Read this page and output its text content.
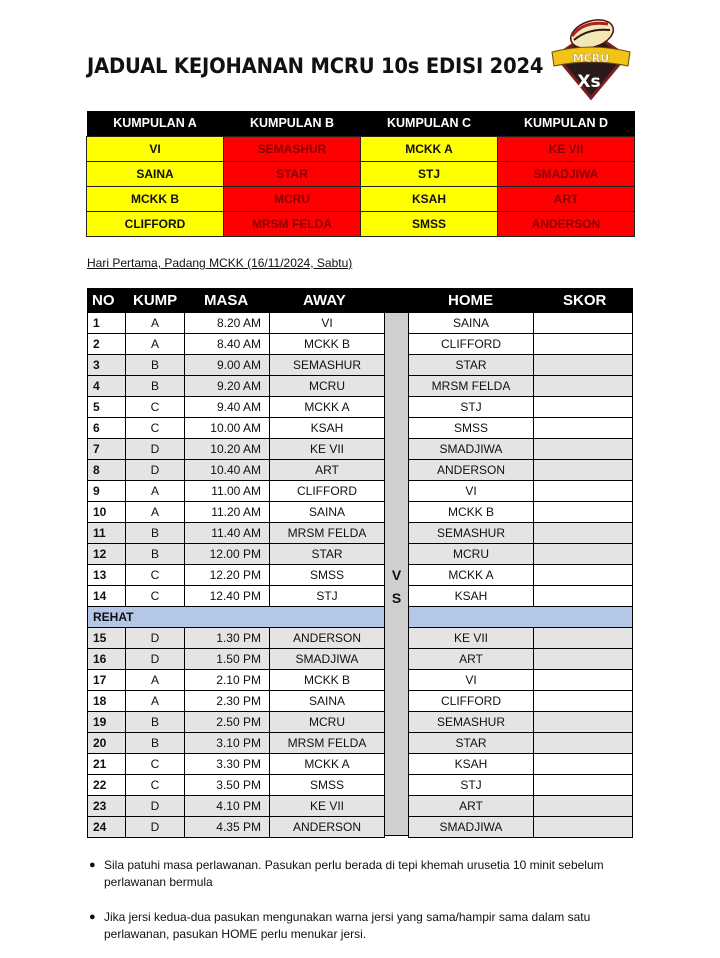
JADUAL KEJOHANAN MCRU 10s EDISI 2024	MCRU
Xs
KUMPULAN A	KUMPULAN B	KUMPULAN C	KUMPULAN D
VI	SEMASHUR	MCKK A	KE VII
SAINA	STAR	STJ	SMADJIWA
MCKK B	MCRU	KSAH	ART
CLIFFORD	MRSM FELDA	SMSS	ANDERSON
Hari Pertama, Padang MCKK (16/11/2024, Sabtu)
NO KUMP MASA	AWAY	HOME	SKOR
1	A	8.20 AM	VI	SAINA
2	A	8.40 AM	MCKK B	CLIFFORD
3	B	9.00 AM	SEMASHUR	STAR
4	B	9.20 AM	MCRU	MRSM FELDA
5	C	9.40 AM	MCKK A	STJ
6	C	10.00 AM	KSAH	SMSS
7	D	10.20 AM	KE VII	SMADJIWA
8	D	10.40 AM	ART	ANDERSON
9	A	11.00 AM	CLIFFORD	VI
10	A	11.20 AM	SAINA	MCKK B
11	B	11.40 AM	MRSM FELDA	SEMASHUR
12	B	12.00 PM	STAR	MCRU
13	C	12.20 PM	SMSS	MCKK A
14	C	12.40 PM	STJ	KSAH
REHAT
15	D	1.30 PM	ANDERSON	KE VII
16	D	1.50 PM	SMADJIWA	ART
17	A	2.10 PM	MCKK B	VI
18	A	2.30 PM	SAINA	CLIFFORD
19	B	2.50 PM	MCRU	SEMASHUR
20	B	3.10 PM	MRSM FELDA	STAR
21	C	3.30 PM	MCKK A	KSAH
22	C	3.50 PM	SMSS	STJ
23	D	4.10 PM	KE VII	ART
24	D	4.35 PM	ANDERSON	SMADJIWA
V
S
● Sila patuhi masa perlawanan. Pasukan perlu berada di tepi khemah urusetia 10 minit sebelum perlawanan bermula
● Jika jersi kedua-dua pasukan mengunakan warna jersi yang sama/hampir sama dalam satu perlawanan, pasukan HOME perlu menukar jersi.
